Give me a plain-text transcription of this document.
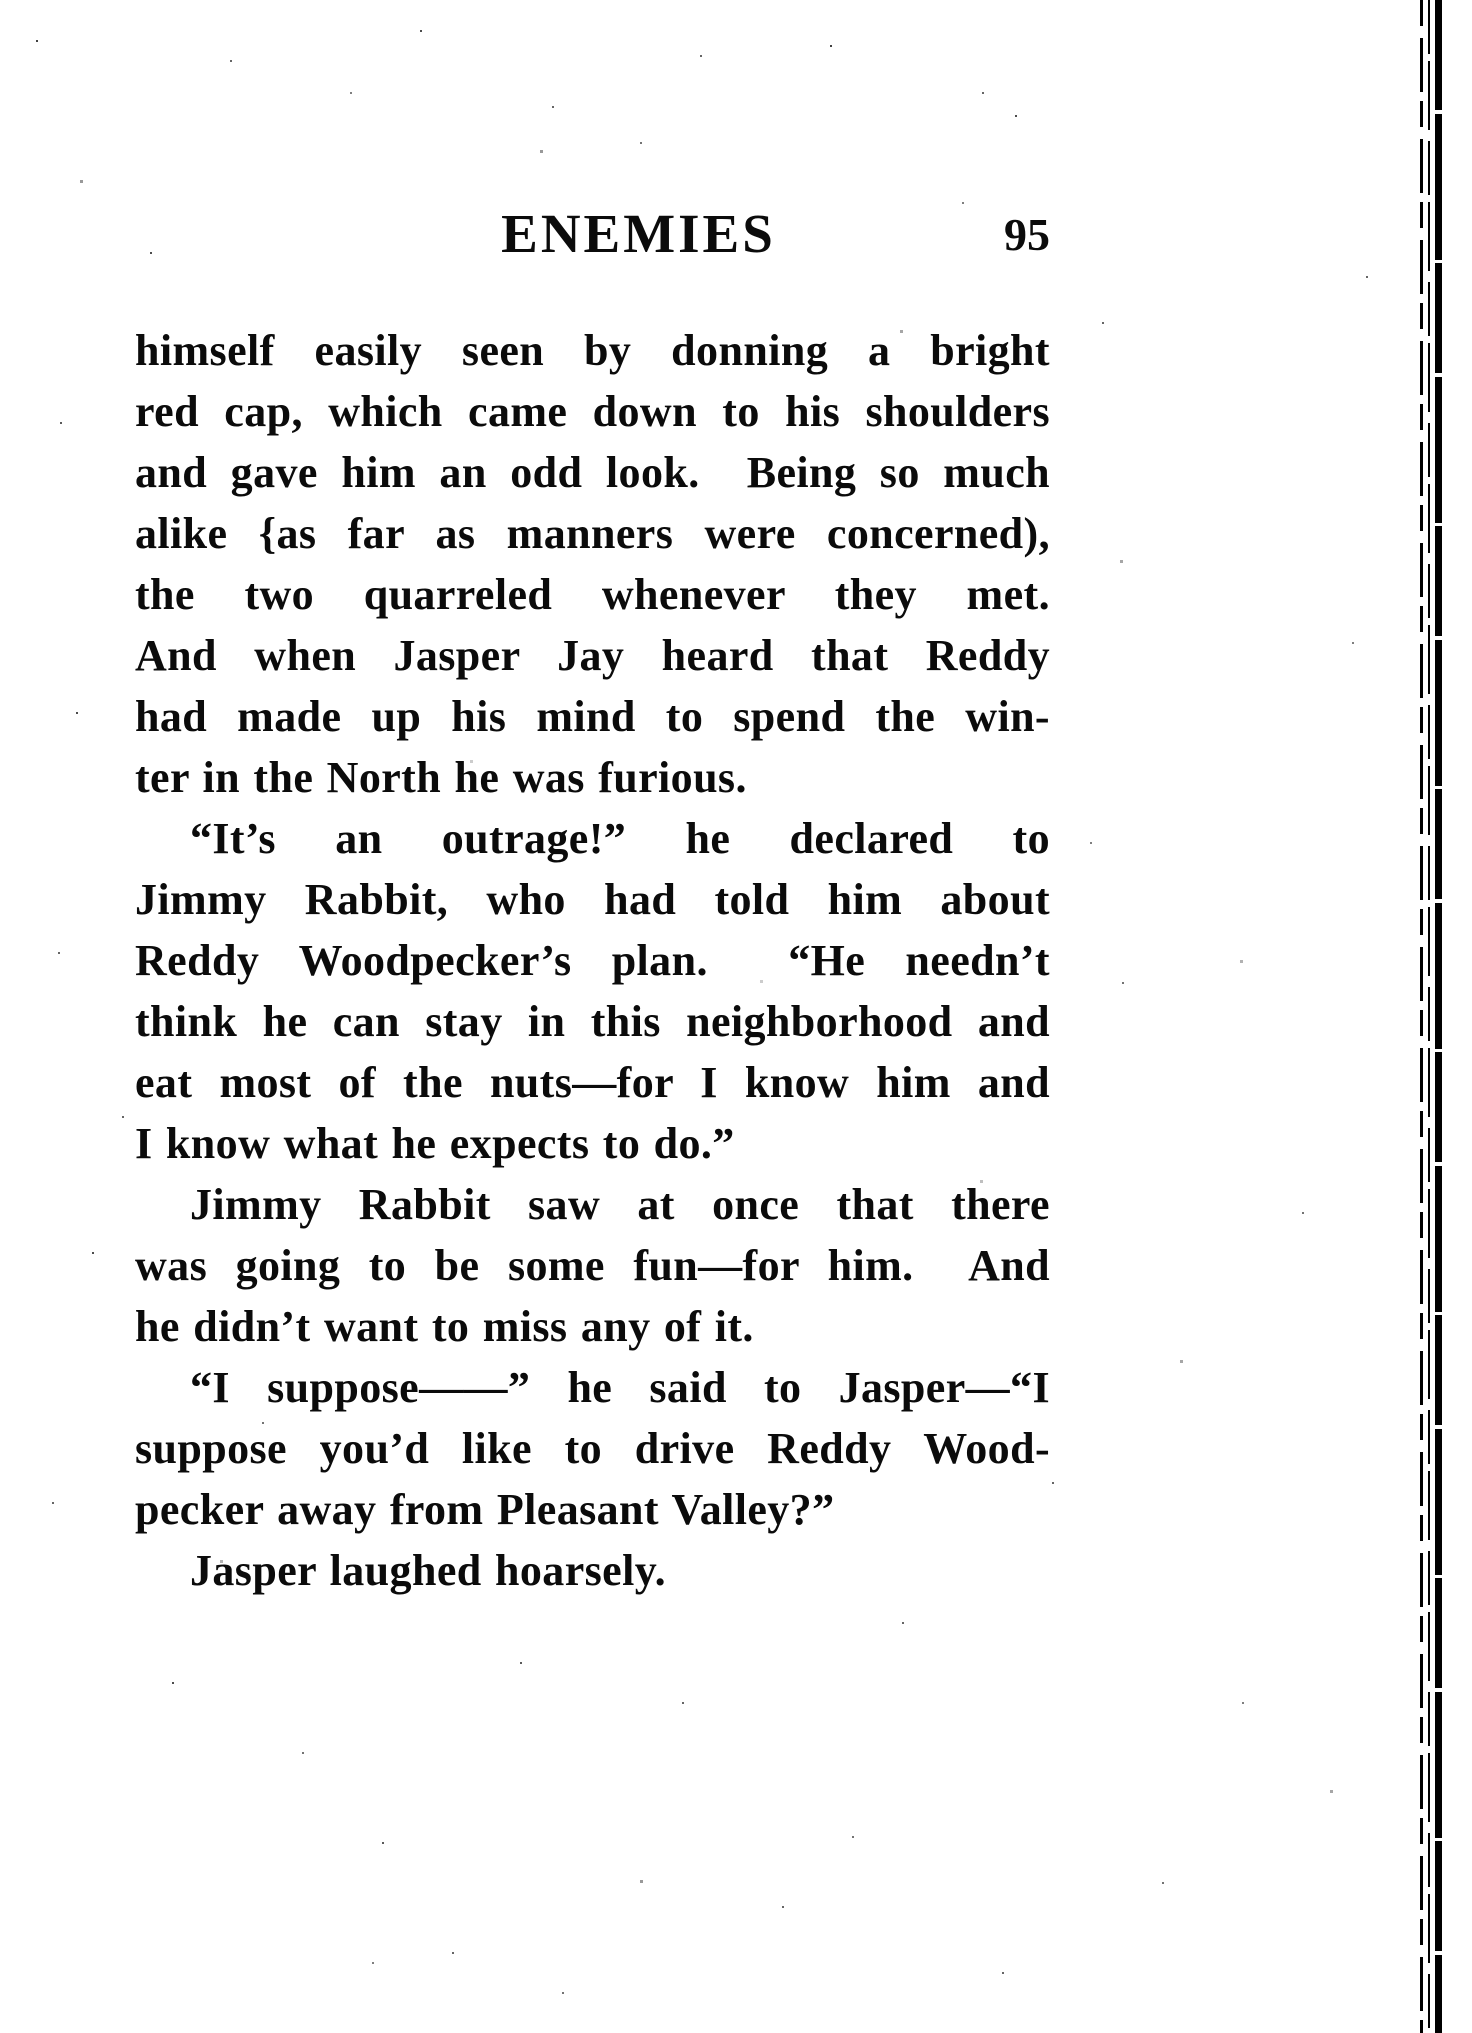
ENEMIES	95
himself easily seen by donning a bright
red cap, which came down to his shoulders
and gave him an odd look.  Being so much
alike {as far as manners were concerned),
the two quarreled whenever they met.
And when Jasper Jay heard that Reddy
had made up his mind to spend the win-
ter in the North he was furious.
“It’s an outrage!” he declared to
Jimmy Rabbit, who had told him about
Reddy Woodpecker’s plan.  “He needn’t
think he can stay in this neighborhood and
eat most of the nuts—for I know him and
I know what he expects to do.”
Jimmy Rabbit saw at once that there
was going to be some fun—for him.  And
he didn’t want to miss any of it.
“I suppose——” he said to Jasper—“I
suppose you’d like to drive Reddy Wood-
pecker away from Pleasant Valley?”
Jasper laughed hoarsely.
